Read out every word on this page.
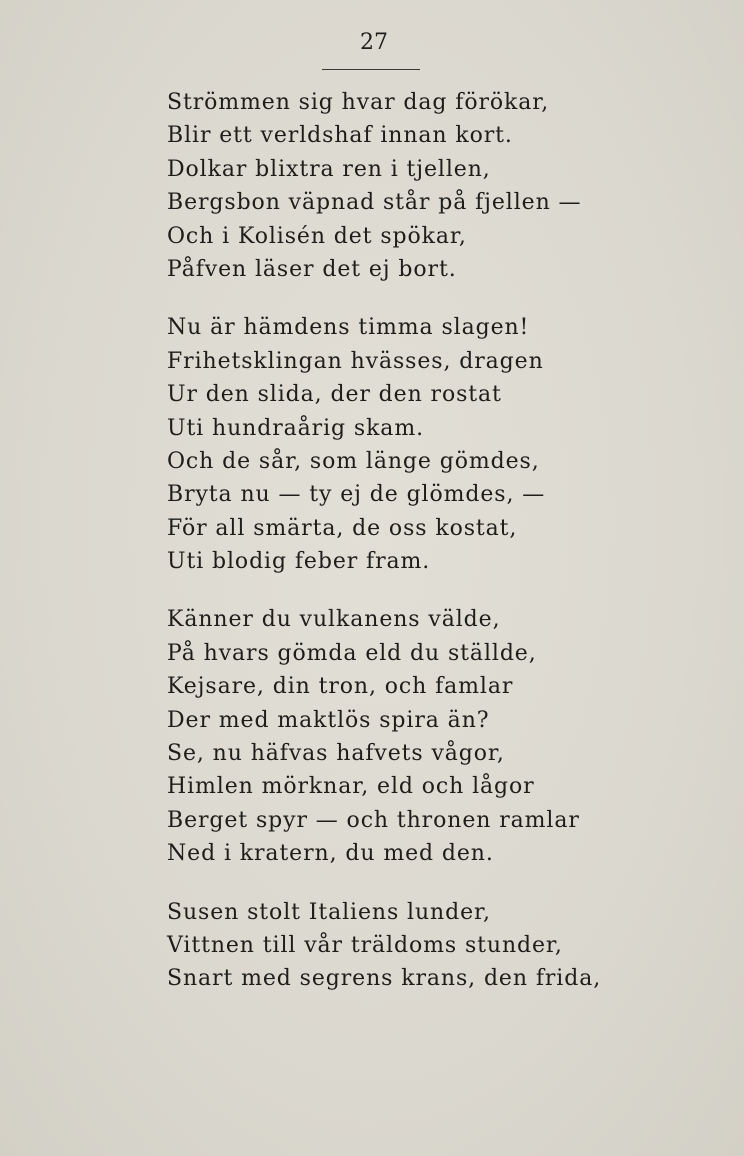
27
Strömmen sig hvar dag förökar,
Blir ett verldshaf innan kort.
Dolkar blixtra ren i tjellen,
Bergsbon väpnad står på fjellen —
Och i Kolisén det spökar,
Påfven läser det ej bort.
Nu är hämdens timma slagen!
Frihetsklingan hvässes, dragen
Ur den slida, der den rostat
Uti hundraårig skam.
Och de sår, som länge gömdes,
Bryta nu — ty ej de glömdes, —
För all smärta, de oss kostat,
Uti blodig feber fram.
Känner du vulkanens välde,
På hvars gömda eld du ställde,
Kejsare, din tron, och famlar
Der med maktlös spira än?
Se, nu häfvas hafvets vågor,
Himlen mörknar, eld och lågor
Berget spyr — och thronen ramlar
Ned i kratern, du med den.
Susen stolt Italiens lunder,
Vittnen till vår träldoms stunder,
Snart med segrens krans, den frida,
